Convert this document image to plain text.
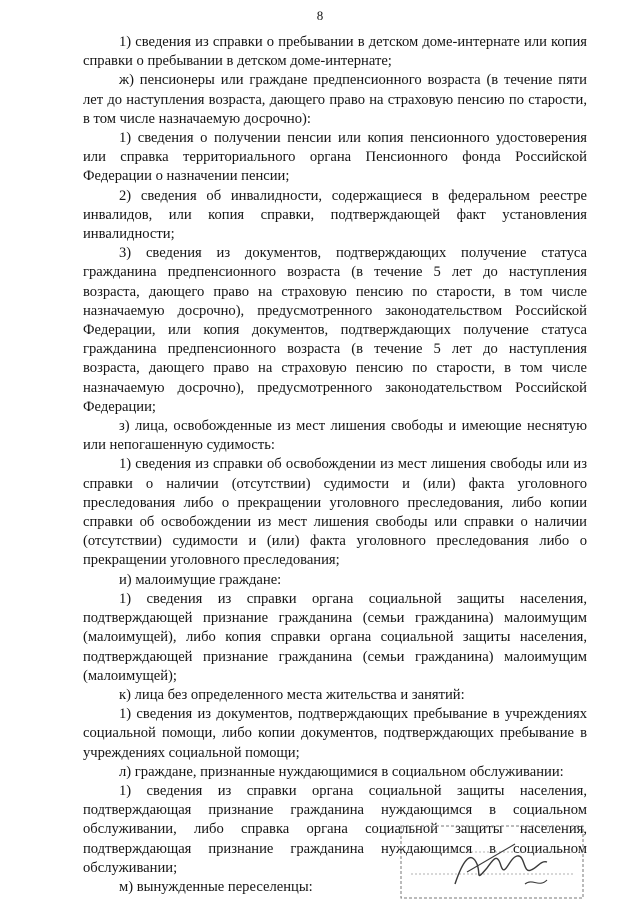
8

1) сведения из справки о пребывании в детском доме-интернате или копия справки о пребывании в детском доме-интернате;

ж) пенсионеры или граждане предпенсионного возраста (в течение пяти лет до наступления возраста, дающего право на страховую пенсию по старости, в том числе назначаемую досрочно):

1) сведения о получении пенсии или копия пенсионного удостоверения или справка территориального органа Пенсионного фонда Российской Федерации о назначении пенсии;

2) сведения об инвалидности, содержащиеся в федеральном реестре инвалидов, или копия справки, подтверждающей факт установления инвалидности;

3) сведения из документов, подтверждающих получение статуса гражданина предпенсионного возраста (в течение 5 лет до наступления возраста, дающего право на страховую пенсию по старости, в том числе назначаемую досрочно), предусмотренного законодательством Российской Федерации, или копия документов, подтверждающих получение статуса гражданина предпенсионного возраста (в течение 5 лет до наступления возраста, дающего право на страховую пенсию по старости, в том числе назначаемую досрочно), предусмотренного законодательством Российской Федерации;

з) лица, освобожденные из мест лишения свободы и имеющие неснятую или непогашенную судимость:

1) сведения из справки об освобождении из мест лишения свободы или из справки о наличии (отсутствии) судимости и (или) факта уголовного преследования либо о прекращении уголовного преследования, либо копии справки об освобождении из мест лишения свободы или справки о наличии (отсутствии) судимости и (или) факта уголовного преследования либо о прекращении уголовного преследования;

и) малоимущие граждане:

1) сведения из справки органа социальной защиты населения, подтверждающей признание гражданина (семьи гражданина) малоимущим (малоимущей), либо копия справки органа социальной защиты населения, подтверждающей признание гражданина (семьи гражданина) малоимущим (малоимущей);

к) лица без определенного места жительства и занятий:

1) сведения из документов, подтверждающих пребывание в учреждениях социальной помощи, либо копии документов, подтверждающих пребывание в учреждениях социальной помощи;

л) граждане, признанные нуждающимися в социальном обслуживании:

1) сведения из справки органа социальной защиты населения, подтверждающая признание гражданина нуждающимся в социальном обслуживании, либо справка органа социальной защиты населения, подтверждающая признание гражданина нуждающимся в социальном обслуживании;

м) вынужденные переселенцы:
